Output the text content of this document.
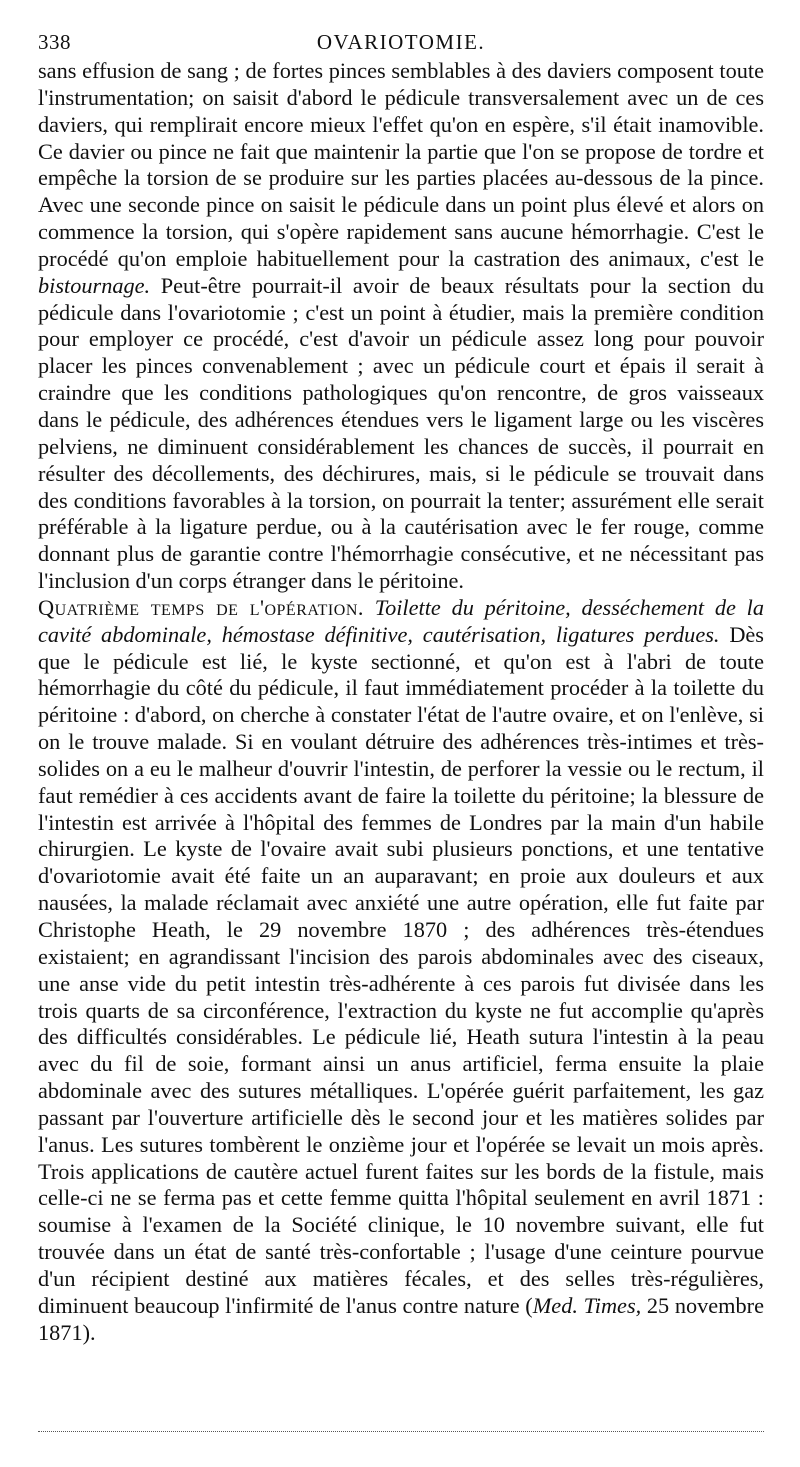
338	OVARIOTOMIE.

sans effusion de sang ; de fortes pinces semblables à des daviers composent toute l'instrumentation; on saisit d'abord le pédicule transversalement avec un de ces daviers, qui remplirait encore mieux l'effet qu'on en espère, s'il était inamovible. Ce davier ou pince ne fait que maintenir la partie que l'on se propose de tordre et empêche la torsion de se produire sur les parties placées au-dessous de la pince. Avec une seconde pince on saisit le pédicule dans un point plus élevé et alors on commence la torsion, qui s'opère rapidement sans aucune hémorrhagie. C'est le procédé qu'on emploie habituellement pour la castration des animaux, c'est le bistournage. Peut-être pourrait-il avoir de beaux résultats pour la section du pédicule dans l'ovariotomie ; c'est un point à étudier, mais la première condition pour employer ce procédé, c'est d'avoir un pédicule assez long pour pouvoir placer les pinces convenablement ; avec un pédicule court et épais il serait à craindre que les conditions pathologiques qu'on rencontre, de gros vaisseaux dans le pédicule, des adhérences étendues vers le ligament large ou les viscères pelviens, ne diminuent considérablement les chances de succès, il pourrait en résulter des décollements, des déchirures, mais, si le pédicule se trouvait dans des conditions favorables à la torsion, on pourrait la tenter; assurément elle serait préférable à la ligature perdue, ou à la cautérisation avec le fer rouge, comme donnant plus de garantie contre l'hémorrhagie consécutive, et ne nécessitant pas l'inclusion d'un corps étranger dans le péritoine.

Quatrième temps de l'opération. Toilette du péritoine, desséchement de la cavité abdominale, hémostase définitive, cautérisation, ligatures perdues. Dès que le pédicule est lié, le kyste sectionné, et qu'on est à l'abri de toute hémorrhagie du côté du pédicule, il faut immédiatement procéder à la toilette du péritoine : d'abord, on cherche à constater l'état de l'autre ovaire, et on l'enlève, si on le trouve malade. Si en voulant détruire des adhérences très-intimes et très-solides on a eu le malheur d'ouvrir l'intestin, de perforer la vessie ou le rectum, il faut remédier à ces accidents avant de faire la toilette du péritoine; la blessure de l'intestin est arrivée à l'hôpital des femmes de Londres par la main d'un habile chirurgien. Le kyste de l'ovaire avait subi plusieurs ponctions, et une tentative d'ovariotomie avait été faite un an auparavant; en proie aux douleurs et aux nausées, la malade réclamait avec anxiété une autre opération, elle fut faite par Christophe Heath, le 29 novembre 1870 ; des adhérences très-étendues existaient; en agrandissant l'incision des parois abdominales avec des ciseaux, une anse vide du petit intestin très-adhérente à ces parois fut divisée dans les trois quarts de sa circonférence, l'extraction du kyste ne fut accomplie qu'après des difficultés considérables. Le pédicule lié, Heath sutura l'intestin à la peau avec du fil de soie, formant ainsi un anus artificiel, ferma ensuite la plaie abdominale avec des sutures métalliques. L'opérée guérit parfaitement, les gaz passant par l'ouverture artificielle dès le second jour et les matières solides par l'anus. Les sutures tombèrent le onzième jour et l'opérée se levait un mois après. Trois applications de cautère actuel furent faites sur les bords de la fistule, mais celle-ci ne se ferma pas et cette femme quitta l'hôpital seulement en avril 1871 : soumise à l'examen de la Société clinique, le 10 novembre suivant, elle fut trouvée dans un état de santé très-confortable ; l'usage d'une ceinture pourvue d'un récipient destiné aux matières fécales, et des selles très-régulières, diminuent beaucoup l'infirmité de l'anus contre nature (Med. Times, 25 novembre 1871).
